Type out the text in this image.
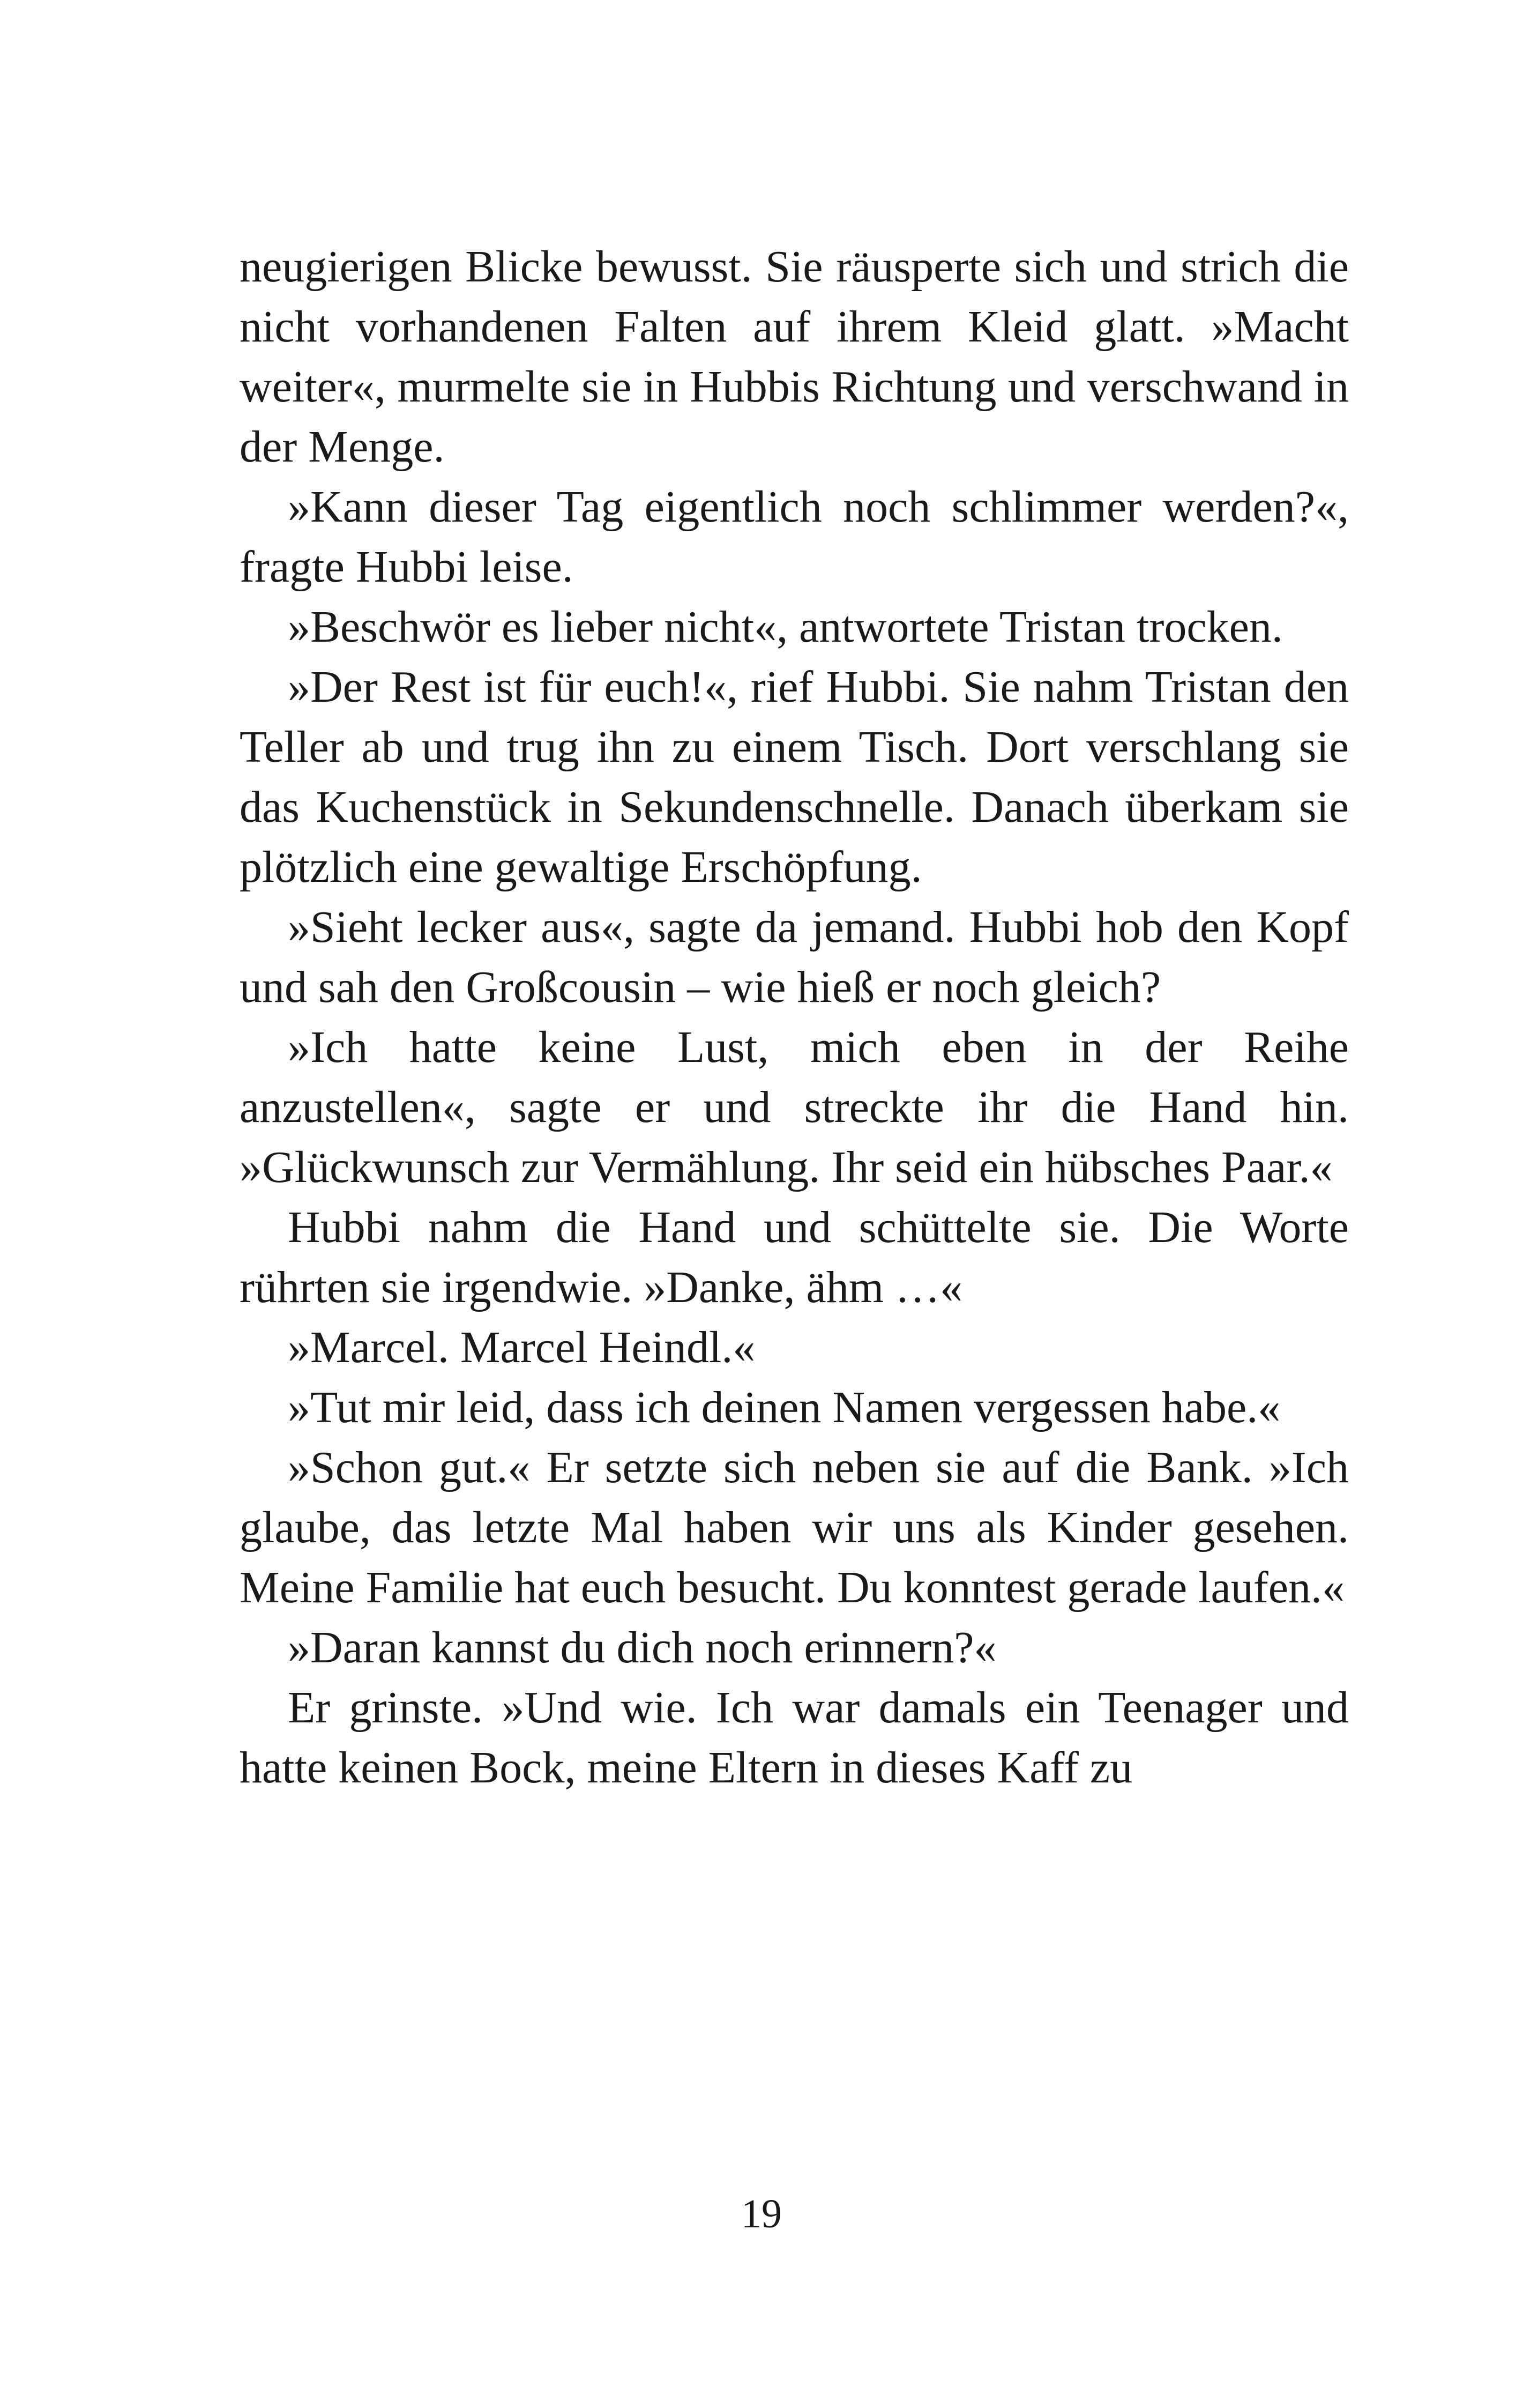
neugierigen Blicke bewusst. Sie räusperte sich und strich die nicht vorhandenen Falten auf ihrem Kleid glatt. »Macht weiter«, murmelte sie in Hubbis Richtung und verschwand in der Menge.

»Kann dieser Tag eigentlich noch schlimmer werden?«, fragte Hubbi leise.

»Beschwör es lieber nicht«, antwortete Tristan trocken.

»Der Rest ist für euch!«, rief Hubbi. Sie nahm Tristan den Teller ab und trug ihn zu einem Tisch. Dort verschlang sie das Kuchenstück in Sekundenschnelle. Danach überkam sie plötzlich eine gewaltige Erschöpfung.

»Sieht lecker aus«, sagte da jemand. Hubbi hob den Kopf und sah den Großcousin – wie hieß er noch gleich?

»Ich hatte keine Lust, mich eben in der Reihe anzustellen«, sagte er und streckte ihr die Hand hin. »Glückwunsch zur Vermählung. Ihr seid ein hübsches Paar.«

Hubbi nahm die Hand und schüttelte sie. Die Worte rührten sie irgendwie. »Danke, ähm …«

»Marcel. Marcel Heindl.«

»Tut mir leid, dass ich deinen Namen vergessen habe.«

»Schon gut.« Er setzte sich neben sie auf die Bank. »Ich glaube, das letzte Mal haben wir uns als Kinder gesehen. Meine Familie hat euch besucht. Du konntest gerade laufen.«

»Daran kannst du dich noch erinnern?«

Er grinste. »Und wie. Ich war damals ein Teenager und hatte keinen Bock, meine Eltern in dieses Kaff zu

19
